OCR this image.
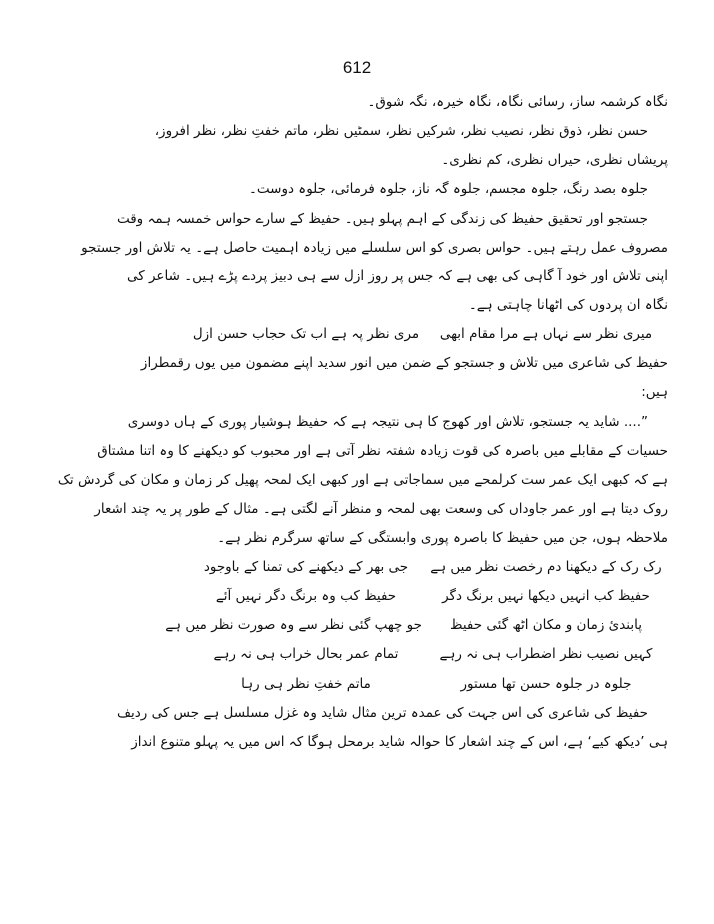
612
نگاہ کرشمہ ساز، رسائی نگاہ، نگاہ خیرہ، نگہ شوق۔
حسن نظر، ذوق نظر، نصیب نظر، شرکیں نظر، سمٹیں نظر، ماتم خفتِ نظر، نظر افروز،
پریشاں نظری، حیراں نظری، کم نظری۔
جلوہ بصد رنگ، جلوہ مجسم، جلوہ گہ ناز، جلوہ فرمائی، جلوہ دوست۔
جستجو اور تحقیق حفیظ کی زندگی کے اہم پہلو ہیں۔ حفیظ کے سارے حواس خمسہ ہمہ وقت
مصروف عمل رہتے ہیں۔ حواس بصری کو اس سلسلے میں زیادہ اہمیت حاصل ہے۔ یہ تلاش اور جستجو
اپنی تلاش اور خود آ گاہی کی بھی ہے کہ جس پر روز ازل سے ہی دبیز پردے پڑے ہیں۔ شاعر کی
نگاہ ان پردوں کی اٹھانا چاہتی ہے۔
میری نظر سے نہاں ہے مرا مقام ابھی
مری نظر پہ ہے اب تک حجاب حسن ازل
حفیظ کی شاعری میں تلاش و جستجو کے ضمن میں انور سدید اپنے مضمون میں یوں رقمطراز
ہیں:
”.... شاید یہ جستجو، تلاش اور کھوج کا ہی نتیجہ ہے کہ حفیظ ہوشیار پوری کے ہاں دوسری
حسیات کے مقابلے میں باصرہ کی قوت زیادہ شفتہ نظر آتی ہے اور محبوب کو دیکھنے کا وہ اتنا مشتاق
ہے کہ کبھی ایک عمر ست کرلمحے میں سماجاتی ہے اور کبھی ایک لمحہ پھیل کر زمان و مکان کی گردش تک
روک دیتا ہے اور عمر جاوداں کی وسعت بھی لمحہ و منظر آنے لگتی ہے۔ مثال کے طور پر یہ چند اشعار
ملاحظہ ہوں، جن میں حفیظ کا باصرہ پوری وابستگی کے ساتھ سرگرم نظر ہے۔
رک رک کے دیکھنا دم رخصت نظر میں ہے
جی بھر کے دیکھنے کی تمنا کے باوجود
حفیظ کب انہیں دیکھا نہیں برنگ دگر
حفیظ کب وہ برنگ دگر نہیں آئے
پابندیٔ زمان و مکان اٹھ گئی حفیظ
جو چھپ گئی نظر سے وہ صورت نظر میں ہے
کہیں نصیب نظر اضطراب ہی نہ رہے
تمام عمر بحال خراب ہی نہ رہے
جلوہ در جلوہ حسن تھا مستور
ماتم خفتِ نظر ہی رہا
حفیظ کی شاعری کی اس جہت کی عمدہ ترین مثال شاید وہ غزل مسلسل ہے جس کی ردیف
ہی ’دیکھ کیے‘ ہے، اس کے چند اشعار کا حوالہ شاید برمحل ہوگا کہ اس میں یہ پہلو متنوع انداز
